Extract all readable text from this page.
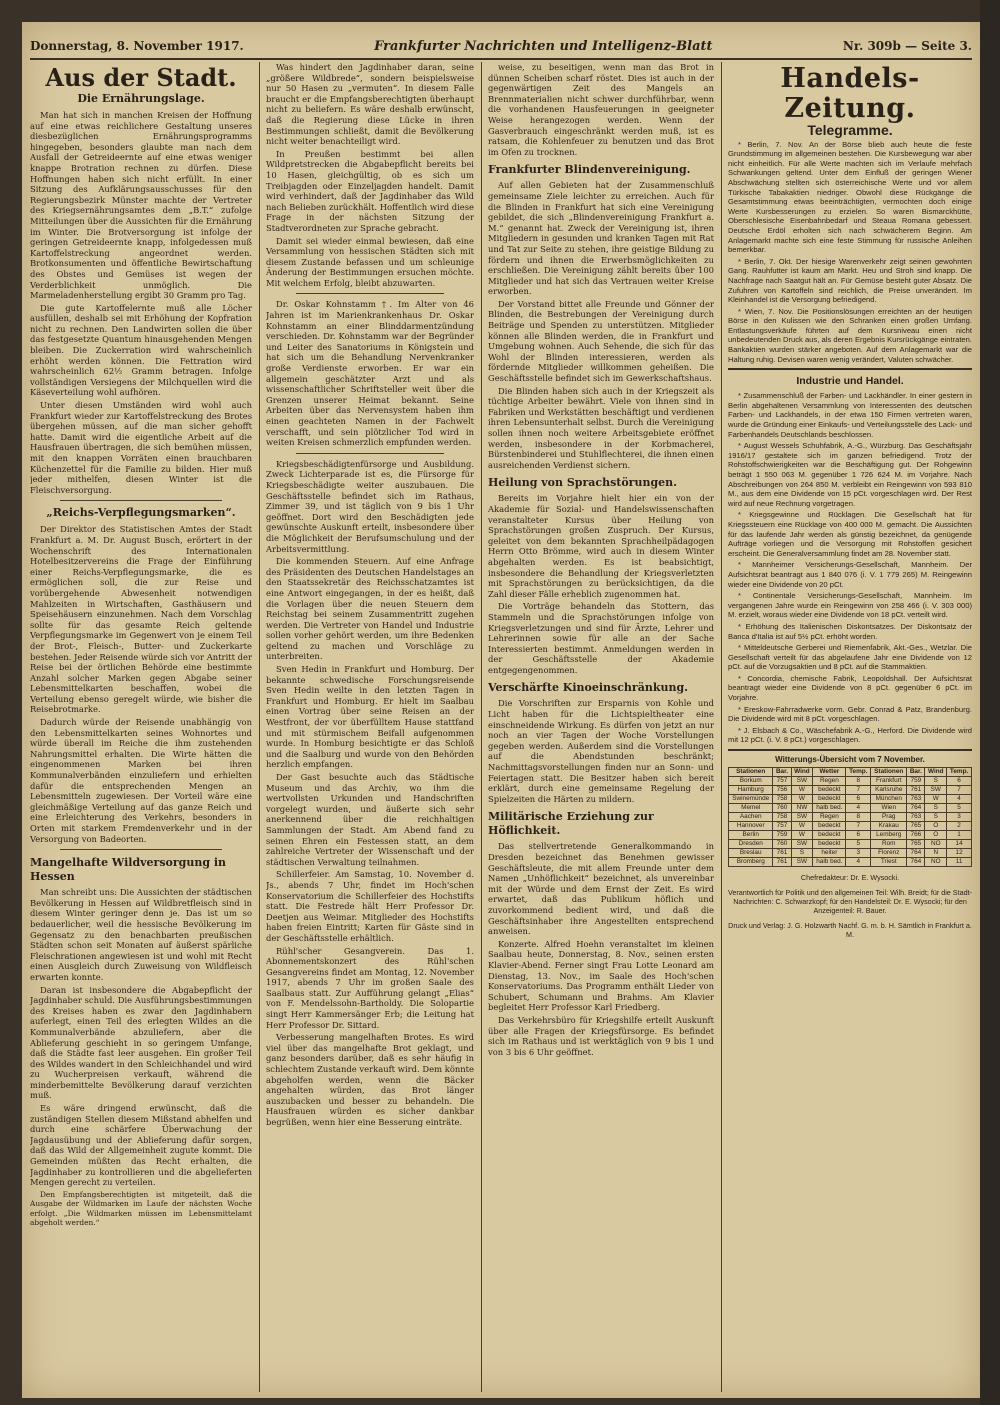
Donnerstag, 8. November 1917.	Frankfurter Nachrichten und Intelligenz-Blatt	Nr. 309b — Seite 3.
Aus der Stadt.
Die Ernährungslage.

Man hat sich in manchen Kreisen der Hoffnung auf eine etwas reichlichere Gestaltung unseres diesbezüglichen Ernährungsprogramms hingegeben, besonders glaubte man nach dem Ausfall der Getreideernte auf eine etwas weniger knappe Brotration rechnen zu dürfen. Diese Hoffnungen haben sich nicht erfüllt. In einer Sitzung des Aufklärungsausschusses für den Regierungsbezirk Münster machte der Vertreter des Kriegsernährungsamtes dem „B.T.“ zufolge Mitteilungen über die Aussichten für die Ernährung im Winter. Die Brotversorgung ist infolge der geringen Getreideernte knapp, infolgedessen muß Kartoffelstreckung angeordnet werden. Brotkonsumenten und öffentliche Bewirtschaftung des Obstes und Gemüses ist wegen der Verderblichkeit unmöglich. Die Marmeladenherstellung ergibt 30 Gramm pro Tag.

Die gute Kartoffelernte muß alle Löcher ausfüllen, deshalb sei mit Erhöhung der Kopfration nicht zu rechnen. Den Landwirten sollen die über das festgesetzte Quantum hinausgehenden Mengen bleiben. Die Zuckerration wird wahrscheinlich erhöht werden können. Die Fettration wird wahrscheinlich 62½ Gramm betragen. Infolge vollständigen Versiegens der Milchquellen wird die Käseverteilung wohl aufhören.

Unter diesen Umständen wird wohl auch Frankfurt wieder zur Kartoffelstreckung des Brotes übergehen müssen, auf die man sicher gehofft hatte. Damit wird die eigentliche Arbeit auf die Hausfrauen übertragen, die sich bemühen müssen, mit den knappen Vorräten einen brauchbaren Küchenzettel für die Familie zu bilden. Hier muß jeder mithelfen, diesen Winter ist die Fleischversorgung.

„Reichs-Verpflegungsmarken“.

Der Direktor des Statistischen Amtes der Stadt Frankfurt a. M. Dr. August Busch, erörtert in der Wochenschrift des Internationalen Hotelbesitzervereins die Frage der Einführung einer Reichs-Verpflegungsmarke, die es ermöglichen soll, die zur Reise und vorübergehende Abwesenheit notwendigen Mahlzeiten in Wirtschaften, Gasthäusern und Speisehäusern einzunehmen. Nach dem Vorschlag sollte für das gesamte Reich geltende Verpflegungsmarke im Gegenwert von je einem Teil der Brot-, Fleisch-, Butter- und Zuckerkarte bestehen. Jeder Reisende würde sich vor Antritt der Reise bei der örtlichen Behörde eine bestimmte Anzahl solcher Marken gegen Abgabe seiner Lebensmittelkarten beschaffen, wobei die Verteilung ebenso geregelt würde, wie bisher die Reisebrotmarke.

Dadurch würde der Reisende unabhängig von den Lebensmittelkarten seines Wohnortes und würde überall im Reiche die ihm zustehenden Nahrungsmittel erhalten. Die Wirte hätten die eingenommenen Marken bei ihren Kommunalverbänden einzuliefern und erhielten dafür die entsprechenden Mengen an Lebensmitteln zugewiesen. Der Vorteil wäre eine gleichmäßige Verteilung auf das ganze Reich und eine Erleichterung des Verkehrs, besonders in Orten mit starkem Fremdenverkehr und in der Versorgung von Badeorten.

Mangelhafte Wildversorgung in Hessen

Man schreibt uns: Die Aussichten der städtischen Bevölkerung in Hessen auf Wildbretfleisch sind in diesem Winter geringer denn je. Das ist um so bedauerlicher, weil die hessische Bevölkerung im Gegensatz zu den benachbarten preußischen Städten schon seit Monaten auf äußerst spärliche Fleischrationen angewiesen ist und wohl mit Recht einen Ausgleich durch Zuweisung von Wildfleisch erwarten konnte.

Daran ist insbesondere die Abgabepflicht der Jagdinhaber schuld. Die Ausführungsbestimmungen des Kreises haben es zwar den Jagdinhabern auferlegt, einen Teil des erlegten Wildes an die Kommunalverbände abzuliefern, aber die Ablieferung geschieht in so geringem Umfange, daß die Städte fast leer ausgehen. Ein großer Teil des Wildes wandert in den Schleichhandel und wird zu Wucherpreisen verkauft, während die minderbemittelte Bevölkerung darauf verzichten muß.

Es wäre dringend erwünscht, daß die zuständigen Stellen diesem Mißstand abhelfen und durch eine schärfere Überwachung der Jagdausübung und der Ablieferung dafür sorgen, daß das Wild der Allgemeinheit zugute kommt. Die Gemeinden müßten das Recht erhalten, die Jagdinhaber zu kontrollieren und die abgelieferten Mengen gerecht zu verteilen.

Den Empfangsberechtigten ist mitgeteilt, daß die Ausgabe der Wildmarken im Laufe der nächsten Woche erfolgt. „Die Wildmarken müssen im Lebensmittelamt abgeholt werden.“

Was hindert den Jagdinhaber daran, seine „größere Wildbrede“, sondern beispielsweise nur 50 Hasen zu „vermuten“. In diesem Falle braucht er die Empfangsberechtigten überhaupt nicht zu beliefern. Es wäre deshalb erwünscht, daß die Regierung diese Lücke in ihren Bestimmungen schließt, damit die Bevölkerung nicht weiter benachteiligt wird.

In Preußen bestimmt bei allen Wildpretstrecken die Abgabepflicht bereits bei 10 Hasen, gleichgültig, ob es sich um Treibjagden oder Einzeljagden handelt. Damit wird verhindert, daß der Jagdinhaber das Wild nach Belieben zurückhält. Hoffentlich wird diese Frage in der nächsten Sitzung der Stadtverordneten zur Sprache gebracht.

Damit sei wieder einmal bewiesen, daß eine Versammlung von hessischen Städten sich mit diesem Zustande befassen und um schleunige Änderung der Bestimmungen ersuchen möchte. Mit welchem Erfolg, bleibt abzuwarten.

Dr. Oskar Kohnstamm †. Im Alter von 46 Jahren ist im Marienkrankenhaus Dr. Oskar Kohnstamm an einer Blinddarmentzündung verschieden. Dr. Kohnstamm war der Begründer und Leiter des Sanatoriums in Königstein und hat sich um die Behandlung Nervenkranker große Verdienste erworben. Er war ein allgemein geschätzter Arzt und als wissenschaftlicher Schriftsteller weit über die Grenzen unserer Heimat bekannt. Seine Arbeiten über das Nervensystem haben ihm einen geachteten Namen in der Fachwelt verschafft, und sein plötzlicher Tod wird in weiten Kreisen schmerzlich empfunden werden.

Kriegsbeschädigtenfürsorge und Ausbildung. Zweck Lichterparade ist es, die Fürsorge für Kriegsbeschädigte weiter auszubauen. Die Geschäftsstelle befindet sich im Rathaus, Zimmer 39, und ist täglich von 9 bis 1 Uhr geöffnet. Dort wird den Beschädigten jede gewünschte Auskunft erteilt, insbesondere über die Möglichkeit der Berufsumschulung und der Arbeitsvermittlung.

Die kommenden Steuern. Auf eine Anfrage des Präsidenten des Deutschen Handelstages an den Staatssekretär des Reichsschatzamtes ist eine Antwort eingegangen, in der es heißt, daß die Vorlagen über die neuen Steuern dem Reichstag bei seinem Zusammentritt zugehen werden. Die Vertreter von Handel und Industrie sollen vorher gehört werden, um ihre Bedenken geltend zu machen und Vorschläge zu unterbreiten.

Sven Hedin in Frankfurt und Homburg. Der bekannte schwedische Forschungsreisende Sven Hedin weilte in den letzten Tagen in Frankfurt und Homburg. Er hielt im Saalbau einen Vortrag über seine Reisen an der Westfront, der vor überfülltem Hause stattfand und mit stürmischem Beifall aufgenommen wurde. In Homburg besichtigte er das Schloß und die Saalburg und wurde von den Behörden herzlich empfangen.

Der Gast besuchte auch das Städtische Museum und das Archiv, wo ihm die wertvollsten Urkunden und Handschriften vorgelegt wurden, und äußerte sich sehr anerkennend über die reichhaltigen Sammlungen der Stadt. Am Abend fand zu seinen Ehren ein Festessen statt, an dem zahlreiche Vertreter der Wissenschaft und der städtischen Verwaltung teilnahmen.

Schillerfeier. Am Samstag, 10. November d. Js., abends 7 Uhr, findet im Hoch'schen Konservatorium die Schillerfeier des Hochstifts statt. Die Festrede hält Herr Professor Dr. Deetjen aus Weimar. Mitglieder des Hochstifts haben freien Eintritt; Karten für Gäste sind in der Geschäftsstelle erhältlich.

Rühl'scher Gesangverein. Das 1. Abonnementskonzert des Rühl'schen Gesangvereins findet am Montag, 12. November 1917, abends 7 Uhr im großen Saale des Saalbaus statt. Zur Aufführung gelangt „Elias“ von F. Mendelssohn-Bartholdy. Die Solopartie singt Herr Kammersänger Erb; die Leitung hat Herr Professor Dr. Sittard.

Verbesserung mangelhaften Brotes. Es wird viel über das mangelhafte Brot geklagt, und ganz besonders darüber, daß es sehr häufig in schlechtem Zustande verkauft wird. Dem könnte abgeholfen werden, wenn die Bäcker angehalten würden, das Brot länger auszubacken und besser zu behandeln. Die Hausfrauen würden es sicher dankbar begrüßen, wenn hier eine Besserung einträte.

weise, zu beseitigen, wenn man das Brot in dünnen Scheiben scharf röstet. Dies ist auch in der gegenwärtigen Zeit des Mangels an Brennmaterialien nicht schwer durchführbar, wenn die vorhandenen Hausfeuerungen in geeigneter Weise herangezogen werden. Wenn der Gasverbrauch eingeschränkt werden muß, ist es ratsam, die Kohlenfeuer zu benutzen und das Brot im Ofen zu trocknen.

Frankfurter Blindenvereinigung.

Auf allen Gebieten hat der Zusammenschluß gemeinsame Ziele leichter zu erreichen. Auch für die Blinden in Frankfurt hat sich eine Vereinigung gebildet, die sich „Blindenvereinigung Frankfurt a. M.“ genannt hat. Zweck der Vereinigung ist, ihren Mitgliedern in gesunden und kranken Tagen mit Rat und Tat zur Seite zu stehen, ihre geistige Bildung zu fördern und ihnen die Erwerbsmöglichkeiten zu erschließen. Die Vereinigung zählt bereits über 100 Mitglieder und hat sich das Vertrauen weiter Kreise erworben.

Der Vorstand bittet alle Freunde und Gönner der Blinden, die Bestrebungen der Vereinigung durch Beiträge und Spenden zu unterstützen. Mitglieder können alle Blinden werden, die in Frankfurt und Umgebung wohnen. Auch Sehende, die sich für das Wohl der Blinden interessieren, werden als fördernde Mitglieder willkommen geheißen. Die Geschäftsstelle befindet sich im Gewerkschaftshaus.

Die Blinden haben sich auch in der Kriegszeit als tüchtige Arbeiter bewährt. Viele von ihnen sind in Fabriken und Werkstätten beschäftigt und verdienen ihren Lebensunterhalt selbst. Durch die Vereinigung sollen ihnen noch weitere Arbeitsgebiete eröffnet werden, insbesondere in der Korbmacherei, Bürstenbinderei und Stuhlflechterei, die ihnen einen ausreichenden Verdienst sichern.

Heilung von Sprachstörungen.

Bereits im Vorjahre hielt hier ein von der Akademie für Sozial- und Handelswissenschaften veranstalteter Kursus über Heilung von Sprachstörungen großen Zuspruch. Der Kursus, geleitet von dem bekannten Sprachheilpädagogen Herrn Otto Brömme, wird auch in diesem Winter abgehalten werden. Es ist beabsichtigt, insbesondere die Behandlung der Kriegsverletzten mit Sprachstörungen zu berücksichtigen, da die Zahl dieser Fälle erheblich zugenommen hat.

Die Vorträge behandeln das Stottern, das Stammeln und die Sprachstörungen infolge von Kriegsverletzungen und sind für Ärzte, Lehrer und Lehrerinnen sowie für alle an der Sache Interessierten bestimmt. Anmeldungen werden in der Geschäftsstelle der Akademie entgegengenommen.

Verschärfte Kinoeinschränkung.

Die Vorschriften zur Ersparnis von Kohle und Licht haben für die Lichtspieltheater eine einschneidende Wirkung. Es dürfen von jetzt an nur noch an vier Tagen der Woche Vorstellungen gegeben werden. Außerdem sind die Vorstellungen auf die Abendstunden beschränkt; Nachmittagsvorstellungen finden nur an Sonn- und Feiertagen statt. Die Besitzer haben sich bereit erklärt, durch eine gemeinsame Regelung der Spielzeiten die Härten zu mildern.

Militärische Erziehung zur Höflichkeit.

Das stellvertretende Generalkommando in Dresden bezeichnet das Benehmen gewisser Geschäftsleute, die mit allem Freunde unter dem Namen „Unhöflichkeit“ bezeichnet, als unvereinbar mit der Würde und dem Ernst der Zeit. Es wird erwartet, daß das Publikum höflich und zuvorkommend bedient wird, und daß die Geschäftsinhaber ihre Angestellten entsprechend anweisen.

Konzerte. Alfred Hoehn veranstaltet im kleinen Saalbau heute, Donnerstag, 8. Nov., seinen ersten Klavier-Abend. Ferner singt Frau Lotte Leonard am Dienstag, 13. Nov., im Saale des Hoch'schen Konservatoriums. Das Programm enthält Lieder von Schubert, Schumann und Brahms. Am Klavier begleitet Herr Professor Karl Friedberg.

Das Verkehrsbüro für Kriegshilfe erteilt Auskunft über alle Fragen der Kriegsfürsorge. Es befindet sich im Rathaus und ist werktäglich von 9 bis 1 und von 3 bis 6 Uhr geöffnet.

Handels-Zeitung.
Telegramme.

* Berlin, 7. Nov. An der Börse blieb auch heute die feste Grundstimmung im allgemeinen bestehen. Die Kursbewegung war aber nicht einheitlich. Für alle Werte machten sich im Verlaufe mehrfach Schwankungen geltend. Unter dem Einfluß der geringen Wiener Abschwächung stellten sich österreichische Werte und vor allem Türkische Tabakaktien niedriger. Obwohl diese Rückgänge die Gesamtstimmung etwas beeinträchtigten, vermochten doch einige Werte Kursbesserungen zu erzielen. So waren Bismarckhütte, Oberschlesische Eisenbahnbedarf und Steaua Romana gebessert. Deutsche Erdöl erholten sich nach schwächerem Beginn. Am Anlagemarkt machte sich eine feste Stimmung für russische Anleihen bemerkbar.

* Berlin, 7. Okt. Der hiesige Warenverkehr zeigt seinen gewohnten Gang. Rauhfutter ist kaum am Markt. Heu und Stroh sind knapp. Die Nachfrage nach Saatgut hält an. Für Gemüse besteht guter Absatz. Die Zufuhren von Kartoffeln sind reichlich, die Preise unverändert. Im Kleinhandel ist die Versorgung befriedigend.

* Wien, 7. Nov. Die Positionslösungen erreichten an der heutigen Börse in den Kulissen wie den Schranken einen großen Umfang. Entlastungsverkäufe führten auf dem Kursniveau einen nicht unbedeutenden Druck aus, als deren Ergebnis Kursrückgänge eintraten. Bankaktien wurden stärker angeboten. Auf dem Anlagemarkt war die Haltung ruhig. Devisen waren wenig verändert, Valuten schwächer.

Industrie und Handel.

* Zusammenschluß der Farben- und Lackhändler. In einer gestern in Berlin abgehaltenen Versammlung von Interessenten des deutschen Farben- und Lackhandels, in der etwa 150 Firmen vertreten waren, wurde die Gründung einer Einkaufs- und Verteilungsstelle des Lack- und Farbenhandels Deutschlands beschlossen.

* August Wessels Schuhfabrik, A.-G., Würzburg. Das Geschäftsjahr 1916/17 gestaltete sich im ganzen befriedigend. Trotz der Rohstoffschwierigkeiten war die Beschäftigung gut. Der Rohgewinn beträgt 1 550 063 M. gegenüber 1 726 624 M. im Vorjahre. Nach Abschreibungen von 264 850 M. verbleibt ein Reingewinn von 593 810 M., aus dem eine Dividende von 15 pCt. vorgeschlagen wird. Der Rest wird auf neue Rechnung vorgetragen.

* Kriegsgewinne und Rücklagen. Die Gesellschaft hat für Kriegssteuern eine Rücklage von 400 000 M. gemacht. Die Aussichten für das laufende Jahr werden als günstig bezeichnet, da genügende Aufträge vorliegen und die Versorgung mit Rohstoffen gesichert erscheint. Die Generalversammlung findet am 28. November statt.

* Mannheimer Versicherungs-Gesellschaft, Mannheim. Der Aufsichtsrat beantragt aus 1 840 076 (i. V. 1 779 265) M. Reingewinn wieder eine Dividende von 20 pCt.

* Continentale Versicherungs-Gesellschaft, Mannheim. Im vergangenen Jahre wurde ein Reingewinn von 258 466 (i. V. 303 000) M. erzielt, woraus wieder eine Dividende von 18 pCt. verteilt wird.

* Erhöhung des Italienischen Diskontsatzes. Der Diskontsatz der Banca d'Italia ist auf 5½ pCt. erhöht worden.

* Mitteldeutsche Gerberei und Riemenfabrik, Akt.-Ges., Wetzlar. Die Gesellschaft verteilt für das abgelaufene Jahr eine Dividende von 12 pCt. auf die Vorzugsaktien und 8 pCt. auf die Stammaktien.

* Concordia, chemische Fabrik, Leopoldshall. Der Aufsichtsrat beantragt wieder eine Dividende von 8 pCt. gegenüber 6 pCt. im Vorjahre.

* Ereskow-Fahrradwerke vorm. Gebr. Conrad & Patz, Brandenburg. Die Dividende wird mit 8 pCt. vorgeschlagen.

* J. Elsbach & Co., Wäschefabrik A.-G., Herford. Die Dividende wird mit 12 pCt. (i. V. 8 pCt.) vorgeschlagen.

Witterungs-Übersicht vom 7 November.
Stationen	Bar.	Wind	Wetter	Temp.	Stationen	Bar.	Wind	Temp.
Borkum	757	SW	Regen	8	Frankfurt	759	S	6
Hamburg	756	W	bedeckt	7	Karlsruhe	761	SW	7
Swinemünde	758	W	bedeckt	6	München	763	W	4
Memel	760	NW	halb bed.	4	Wien	764	S	5
Aachen	758	SW	Regen	8	Prag	763	S	3
Hannover	757	W	bedeckt	7	Krakau	765	O	2
Berlin	759	W	bedeckt	6	Lemberg	766	O	1
Dresden	760	SW	bedeckt	5	Rom	765	NO	14
Breslau	761	S	heiter	3	Florenz	764	N	12
Bromberg	761	SW	halb bed.	4	Triest	764	NO	11
Chefredakteur: Dr. E. Wysocki.
Verantwortlich für Politik und den allgemeinen Teil: Wilh. Breidt; für die Stadt-Nachrichten: C. Schwarzkopf; für den Handelsteil: Dr. E. Wysocki; für den Anzeigenteil: R. Bauer.
Druck und Verlag: J. G. Holzwarth Nachf. G. m. b. H. Sämtlich in Frankfurt a. M.
